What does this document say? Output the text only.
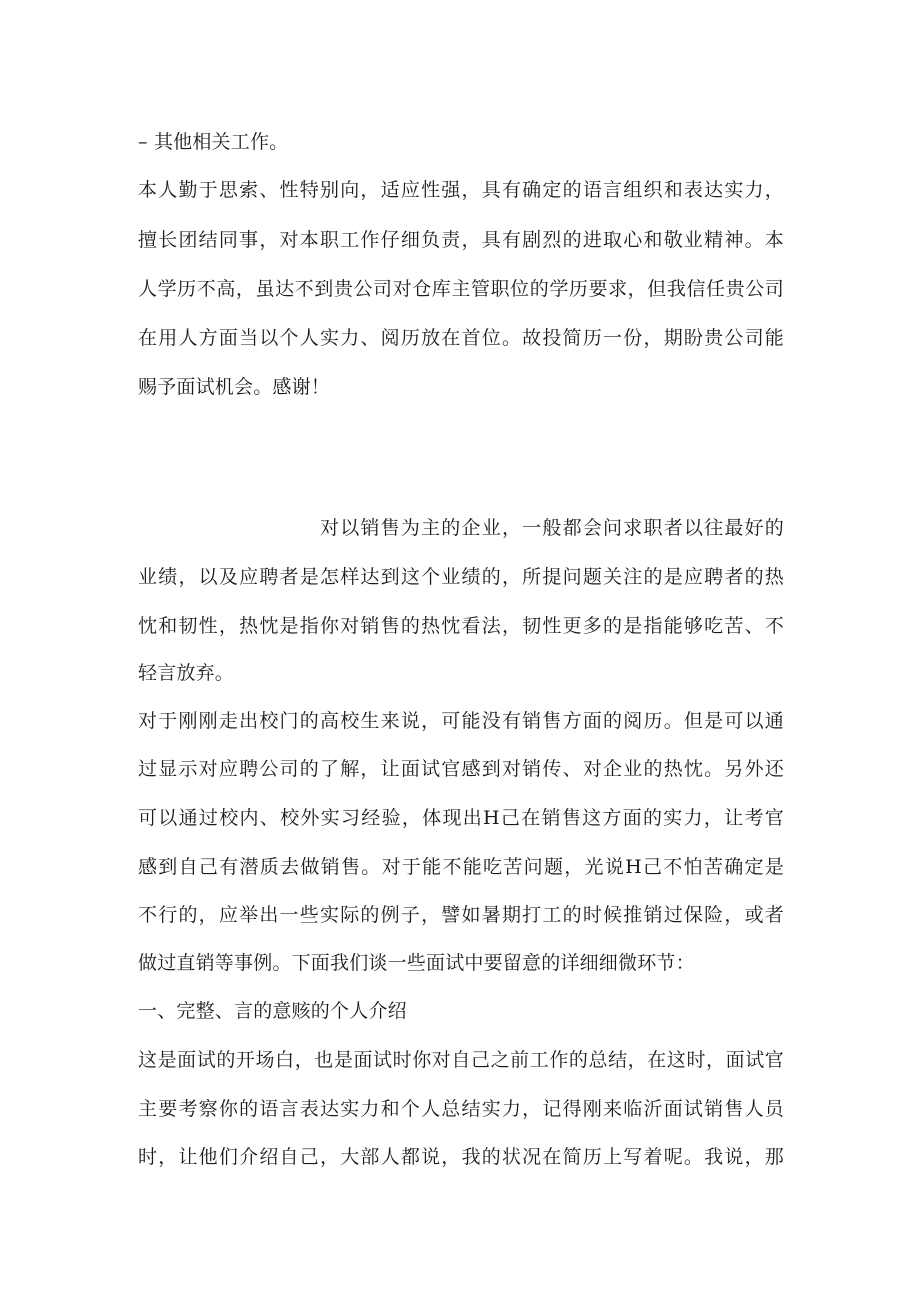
– 其他相关工作。
本人勤于思索、性特别向，适应性强，具有确定的语言组织和表达实力，
擅长团结同事，对本职工作仔细负责，具有剧烈的进取心和敬业精神。本
人学历不高，虽达不到贵公司对仓库主管职位的学历要求，但我信任贵公司
在用人方面当以个人实力、阅历放在首位。故投简历一份，期盼贵公司能
赐予面试机会。感谢！
对以销售为主的企业，一般都会问求职者以往最好的
业绩，以及应聘者是怎样达到这个业绩的，所提问题关注的是应聘者的热
忱和韧性，热忱是指你对销售的热忱看法，韧性更多的是指能够吃苦、不
轻言放弃。
对于刚刚走出校门的高校生来说，可能没有销售方面的阅历。但是可以通
过显示对应聘公司的了解，让面试官感到对销传、对企业的热忱。另外还
可以通过校内、校外实习经验，体现出H己在销售这方面的实力，让考官
感到自己有潜质去做销售。对于能不能吃苦问题，光说H己不怕苦确定是
不行的，应举出一些实际的例子，譬如暑期打工的时候推销过保险，或者
做过直销等事例。下面我们谈一些面试中要留意的详细细微环节：
一、完整、言的意赅的个人介绍
这是面试的开场白，也是面试时你对自己之前工作的总结，在这时，面试官
主要考察你的语言表达实力和个人总结实力，记得刚来临沂面试销售人员
时，让他们介绍自己，大部人都说，我的状况在简历上写着呢。我说，那
